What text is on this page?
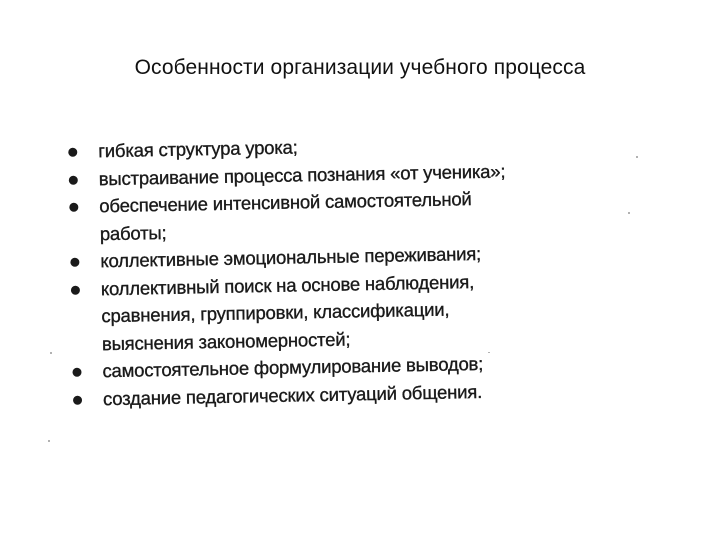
Особенности организации учебного процесса
гибкая структура урока;
выстраивание процесса познания «от ученика»;
обеспечение интенсивной самостоятельной
работы;
коллективные эмоциональные переживания;
коллективный поиск на основе наблюдения,
сравнения, группировки, классификации,
выяснения закономерностей;
самостоятельное формулирование выводов;
создание педагогических ситуаций общения.
